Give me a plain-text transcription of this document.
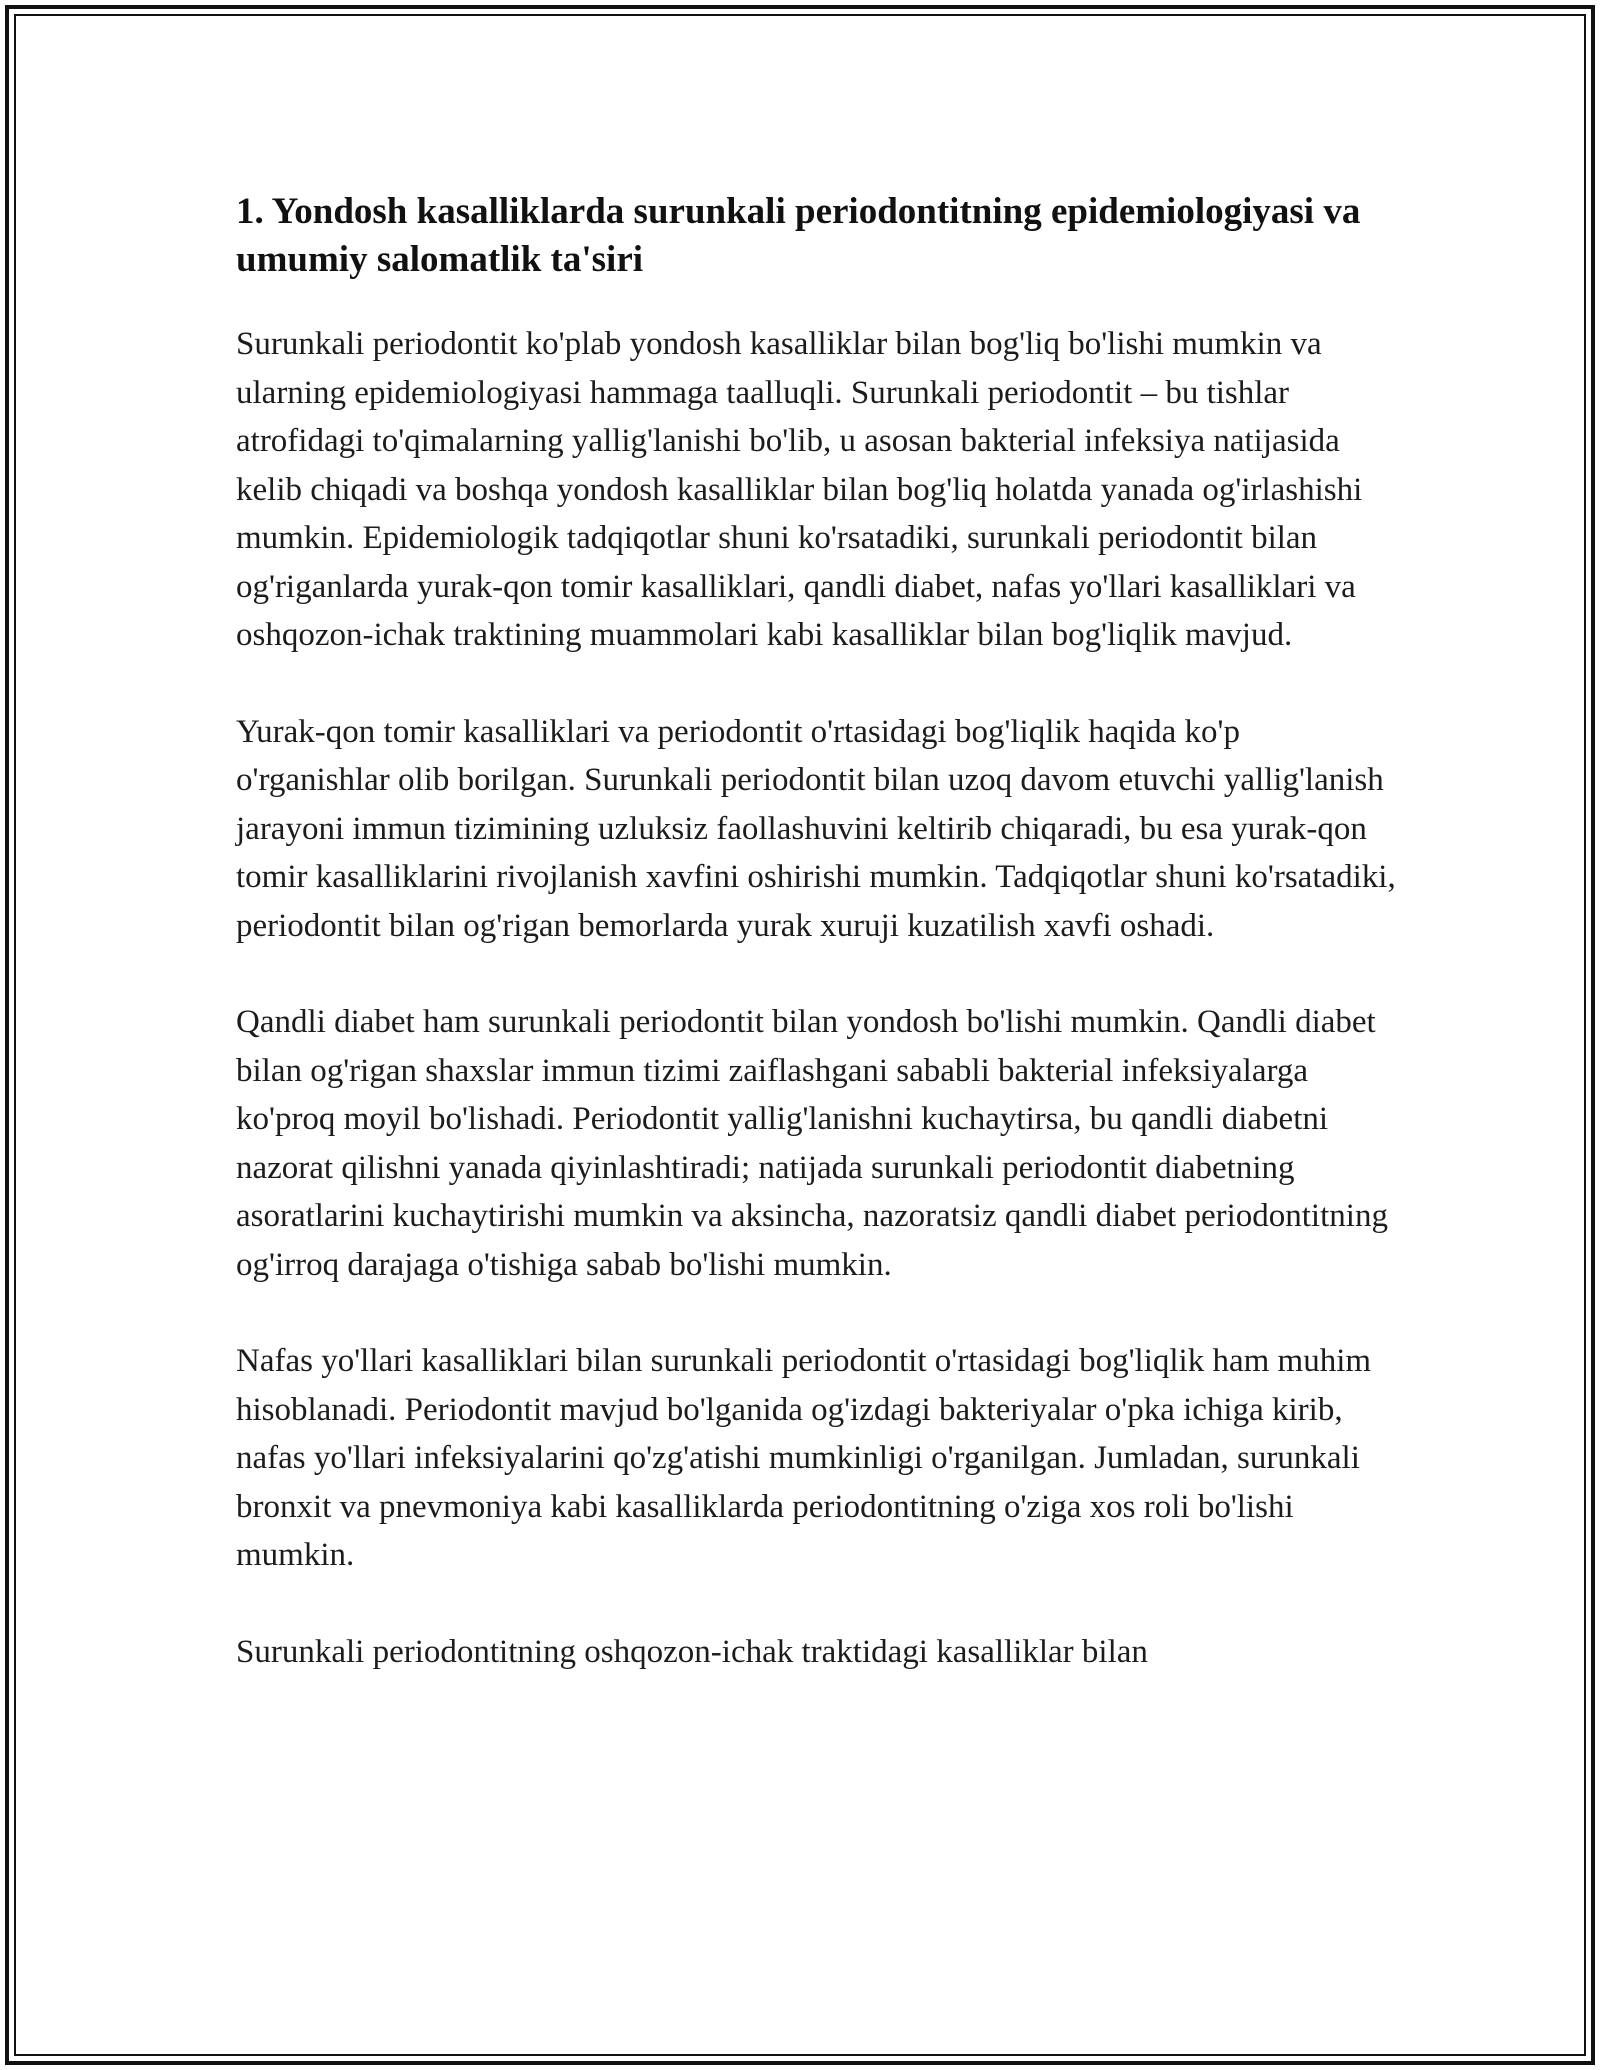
1. Yondosh kasalliklarda surunkali periodontitning epidemiologiyasi va umumiy salomatlik ta'siri

Surunkali periodontit ko'plab yondosh kasalliklar bilan bog'liq bo'lishi mumkin va ularning epidemiologiyasi hammaga taalluqli. Surunkali periodontit – bu tishlar atrofidagi to'qimalarning yallig'lanishi bo'lib, u asosan bakterial infeksiya natijasida kelib chiqadi va boshqa yondosh kasalliklar bilan bog'liq holatda yanada og'irlashishi mumkin. Epidemiologik tadqiqotlar shuni ko'rsatadiki, surunkali periodontit bilan og'riganlarda yurak-qon tomir kasalliklari, qandli diabet, nafas yo'llari kasalliklari va oshqozon-ichak traktining muammolari kabi kasalliklar bilan bog'liqlik mavjud.

Yurak-qon tomir kasalliklari va periodontit o'rtasidagi bog'liqlik haqida ko'p o'rganishlar olib borilgan. Surunkali periodontit bilan uzoq davom etuvchi yallig'lanish jarayoni immun tizimining uzluksiz faollashuvini keltirib chiqaradi, bu esa yurak-qon tomir kasalliklarini rivojlanish xavfini oshirishi mumkin. Tadqiqotlar shuni ko'rsatadiki, periodontit bilan og'rigan bemorlarda yurak xuruji kuzatilish xavfi oshadi.

Qandli diabet ham surunkali periodontit bilan yondosh bo'lishi mumkin. Qandli diabet bilan og'rigan shaxslar immun tizimi zaiflashgani sababli bakterial infeksiyalarga ko'proq moyil bo'lishadi. Periodontit yallig'lanishni kuchaytirsa, bu qandli diabetni nazorat qilishni yanada qiyinlashtiradi; natijada surunkali periodontit diabetning asoratlarini kuchaytirishi mumkin va aksincha, nazoratsiz qandli diabet periodontitning og'irroq darajaga o'tishiga sabab bo'lishi mumkin.

Nafas yo'llari kasalliklari bilan surunkali periodontit o'rtasidagi bog'liqlik ham muhim hisoblanadi. Periodontit mavjud bo'lganida og'izdagi bakteriyalar o'pka ichiga kirib, nafas yo'llari infeksiyalarini qo'zg'atishi mumkinligi o'rganilgan. Jumladan, surunkali bronxit va pnevmoniya kabi kasalliklarda periodontitning o'ziga xos roli bo'lishi mumkin.

Surunkali periodontitning oshqozon-ichak traktidagi kasalliklar bilan
